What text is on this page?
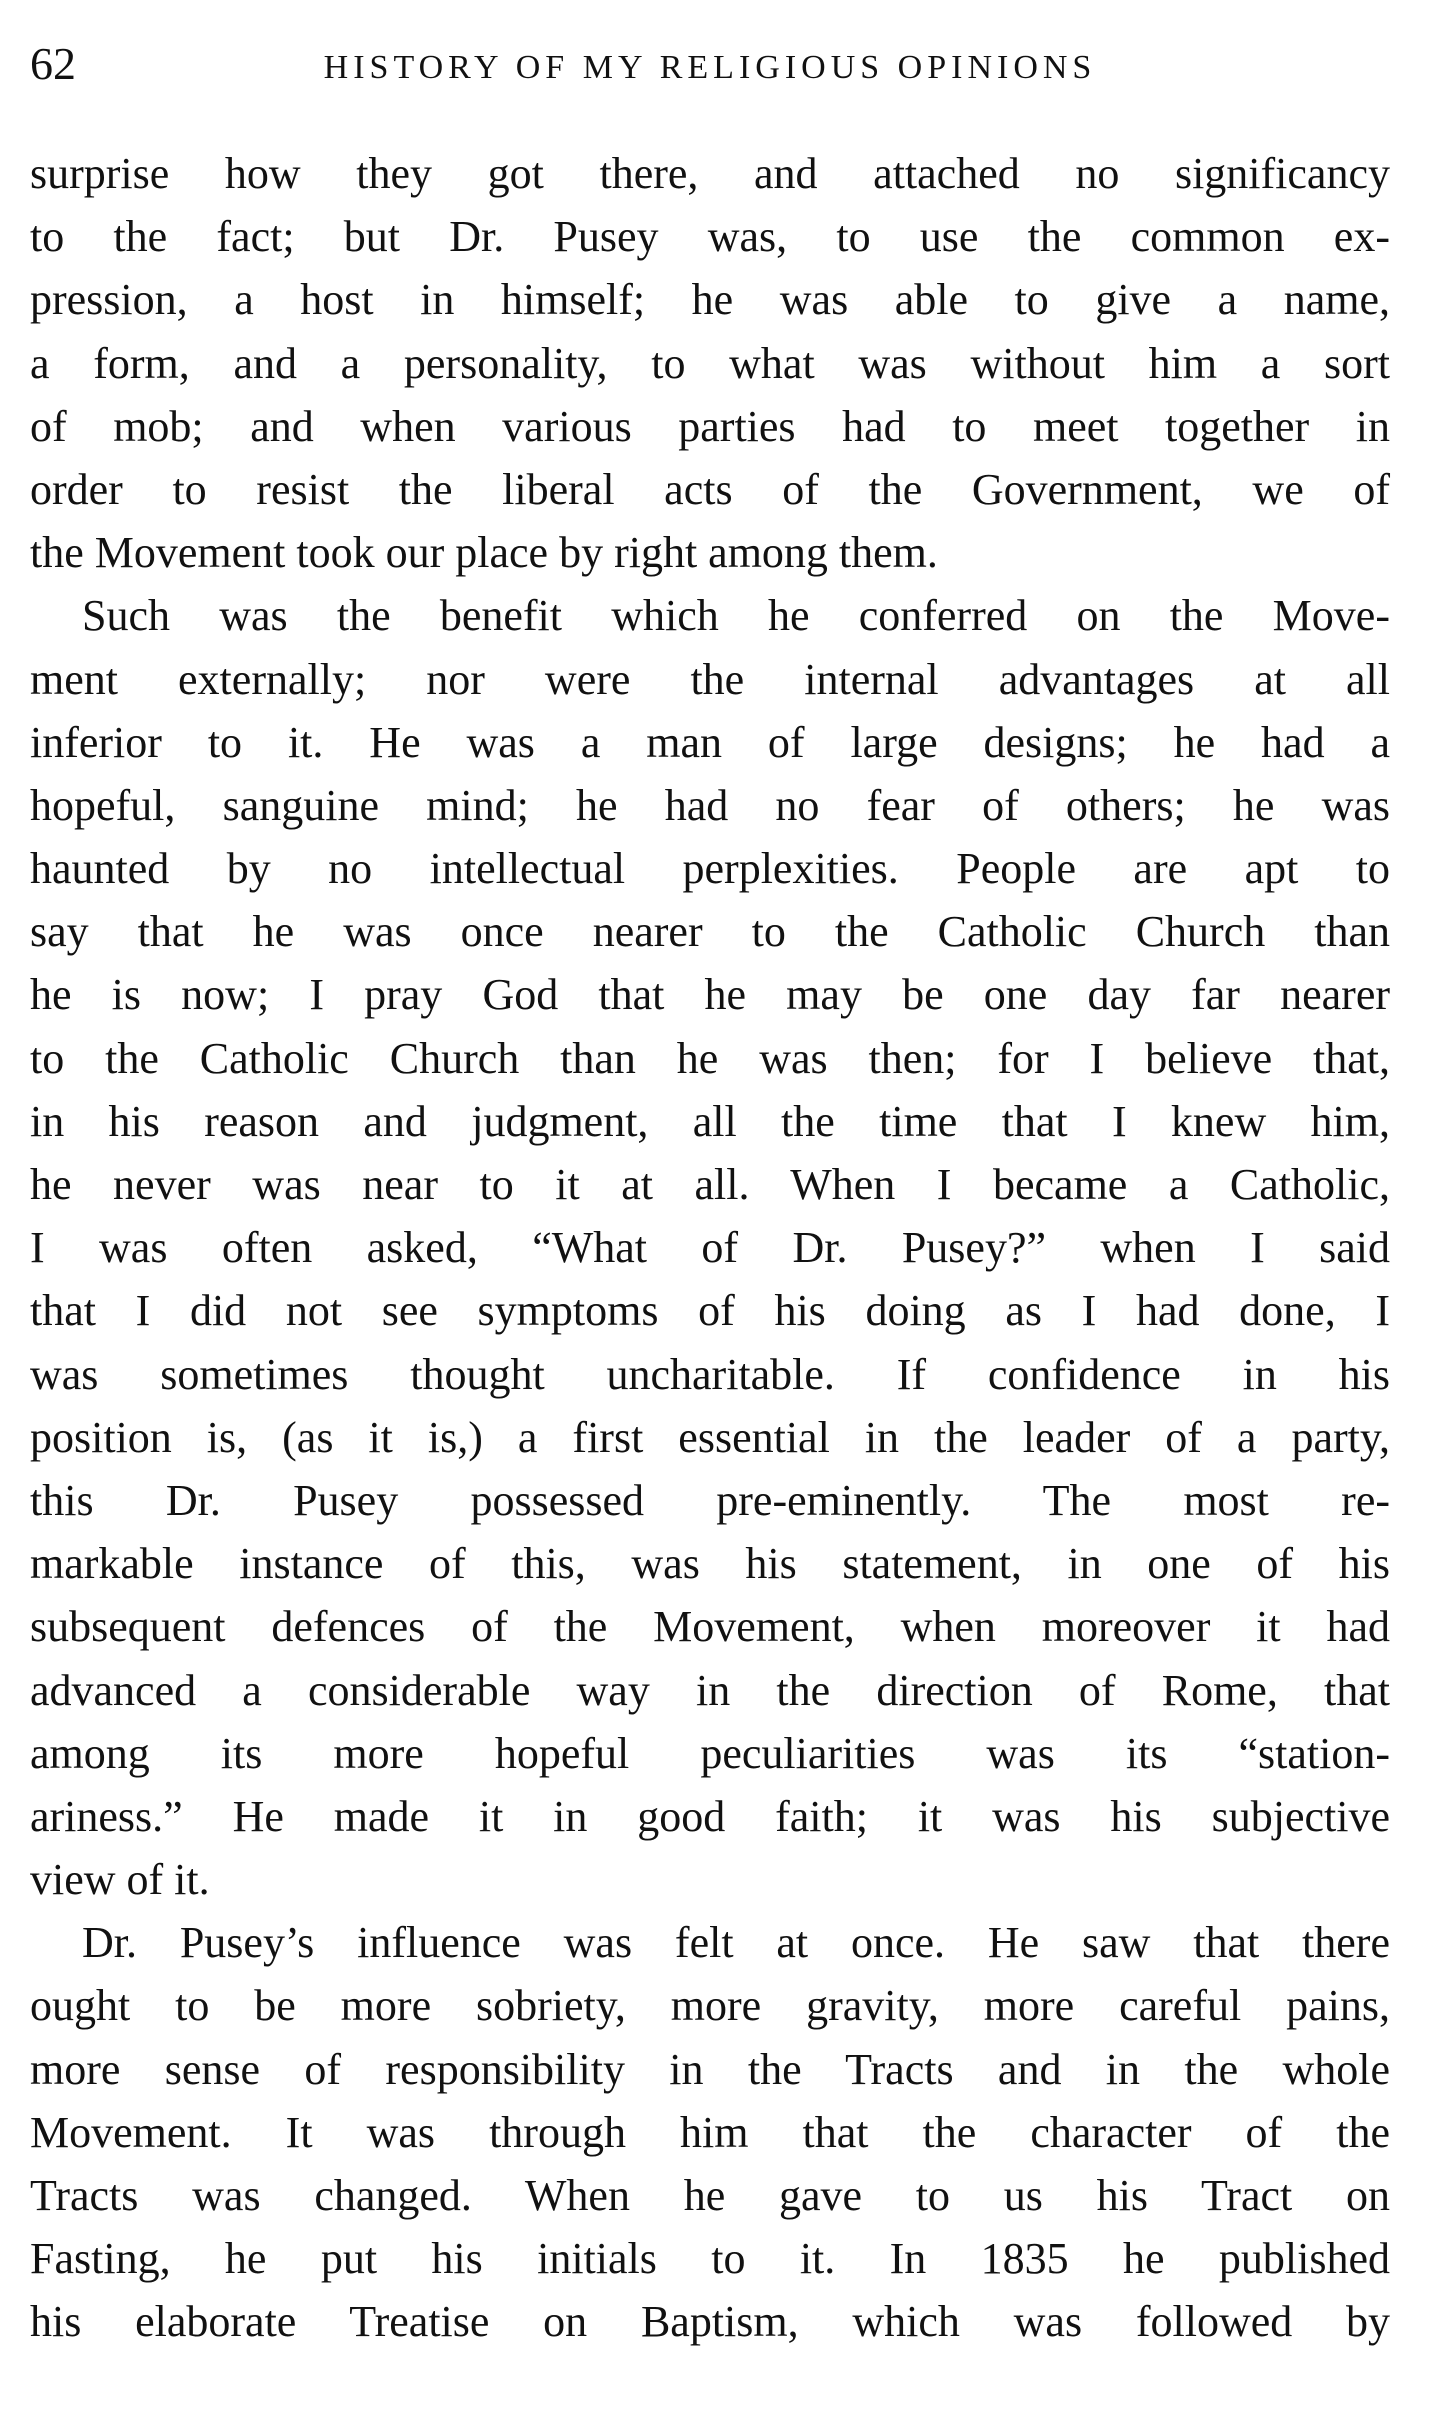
62	HISTORY OF MY RELIGIOUS OPINIONS
surprise how they got there, and attached no significancy
to the fact; but Dr. Pusey was, to use the common ex-
pression, a host in himself; he was able to give a name,
a form, and a personality, to what was without him a sort
of mob; and when various parties had to meet together in
order to resist the liberal acts of the Government, we of
the Movement took our place by right among them.
Such was the benefit which he conferred on the Move-
ment externally; nor were the internal advantages at all
inferior to it. He was a man of large designs; he had a
hopeful, sanguine mind; he had no fear of others; he was
haunted by no intellectual perplexities. People are apt to
say that he was once nearer to the Catholic Church than
he is now; I pray God that he may be one day far nearer
to the Catholic Church than he was then; for I believe that,
in his reason and judgment, all the time that I knew him,
he never was near to it at all. When I became a Catholic,
I was often asked, “What of Dr. Pusey?” when I said
that I did not see symptoms of his doing as I had done, I
was sometimes thought uncharitable. If confidence in his
position is, (as it is,) a first essential in the leader of a party,
this Dr. Pusey possessed pre-eminently. The most re-
markable instance of this, was his statement, in one of his
subsequent defences of the Movement, when moreover it had
advanced a considerable way in the direction of Rome, that
among its more hopeful peculiarities was its “station-
ariness.” He made it in good faith; it was his subjective
view of it.
Dr. Pusey’s influence was felt at once. He saw that there
ought to be more sobriety, more gravity, more careful pains,
more sense of responsibility in the Tracts and in the whole
Movement. It was through him that the character of the
Tracts was changed. When he gave to us his Tract on
Fasting, he put his initials to it. In 1835 he published
his elaborate Treatise on Baptism, which was followed by
